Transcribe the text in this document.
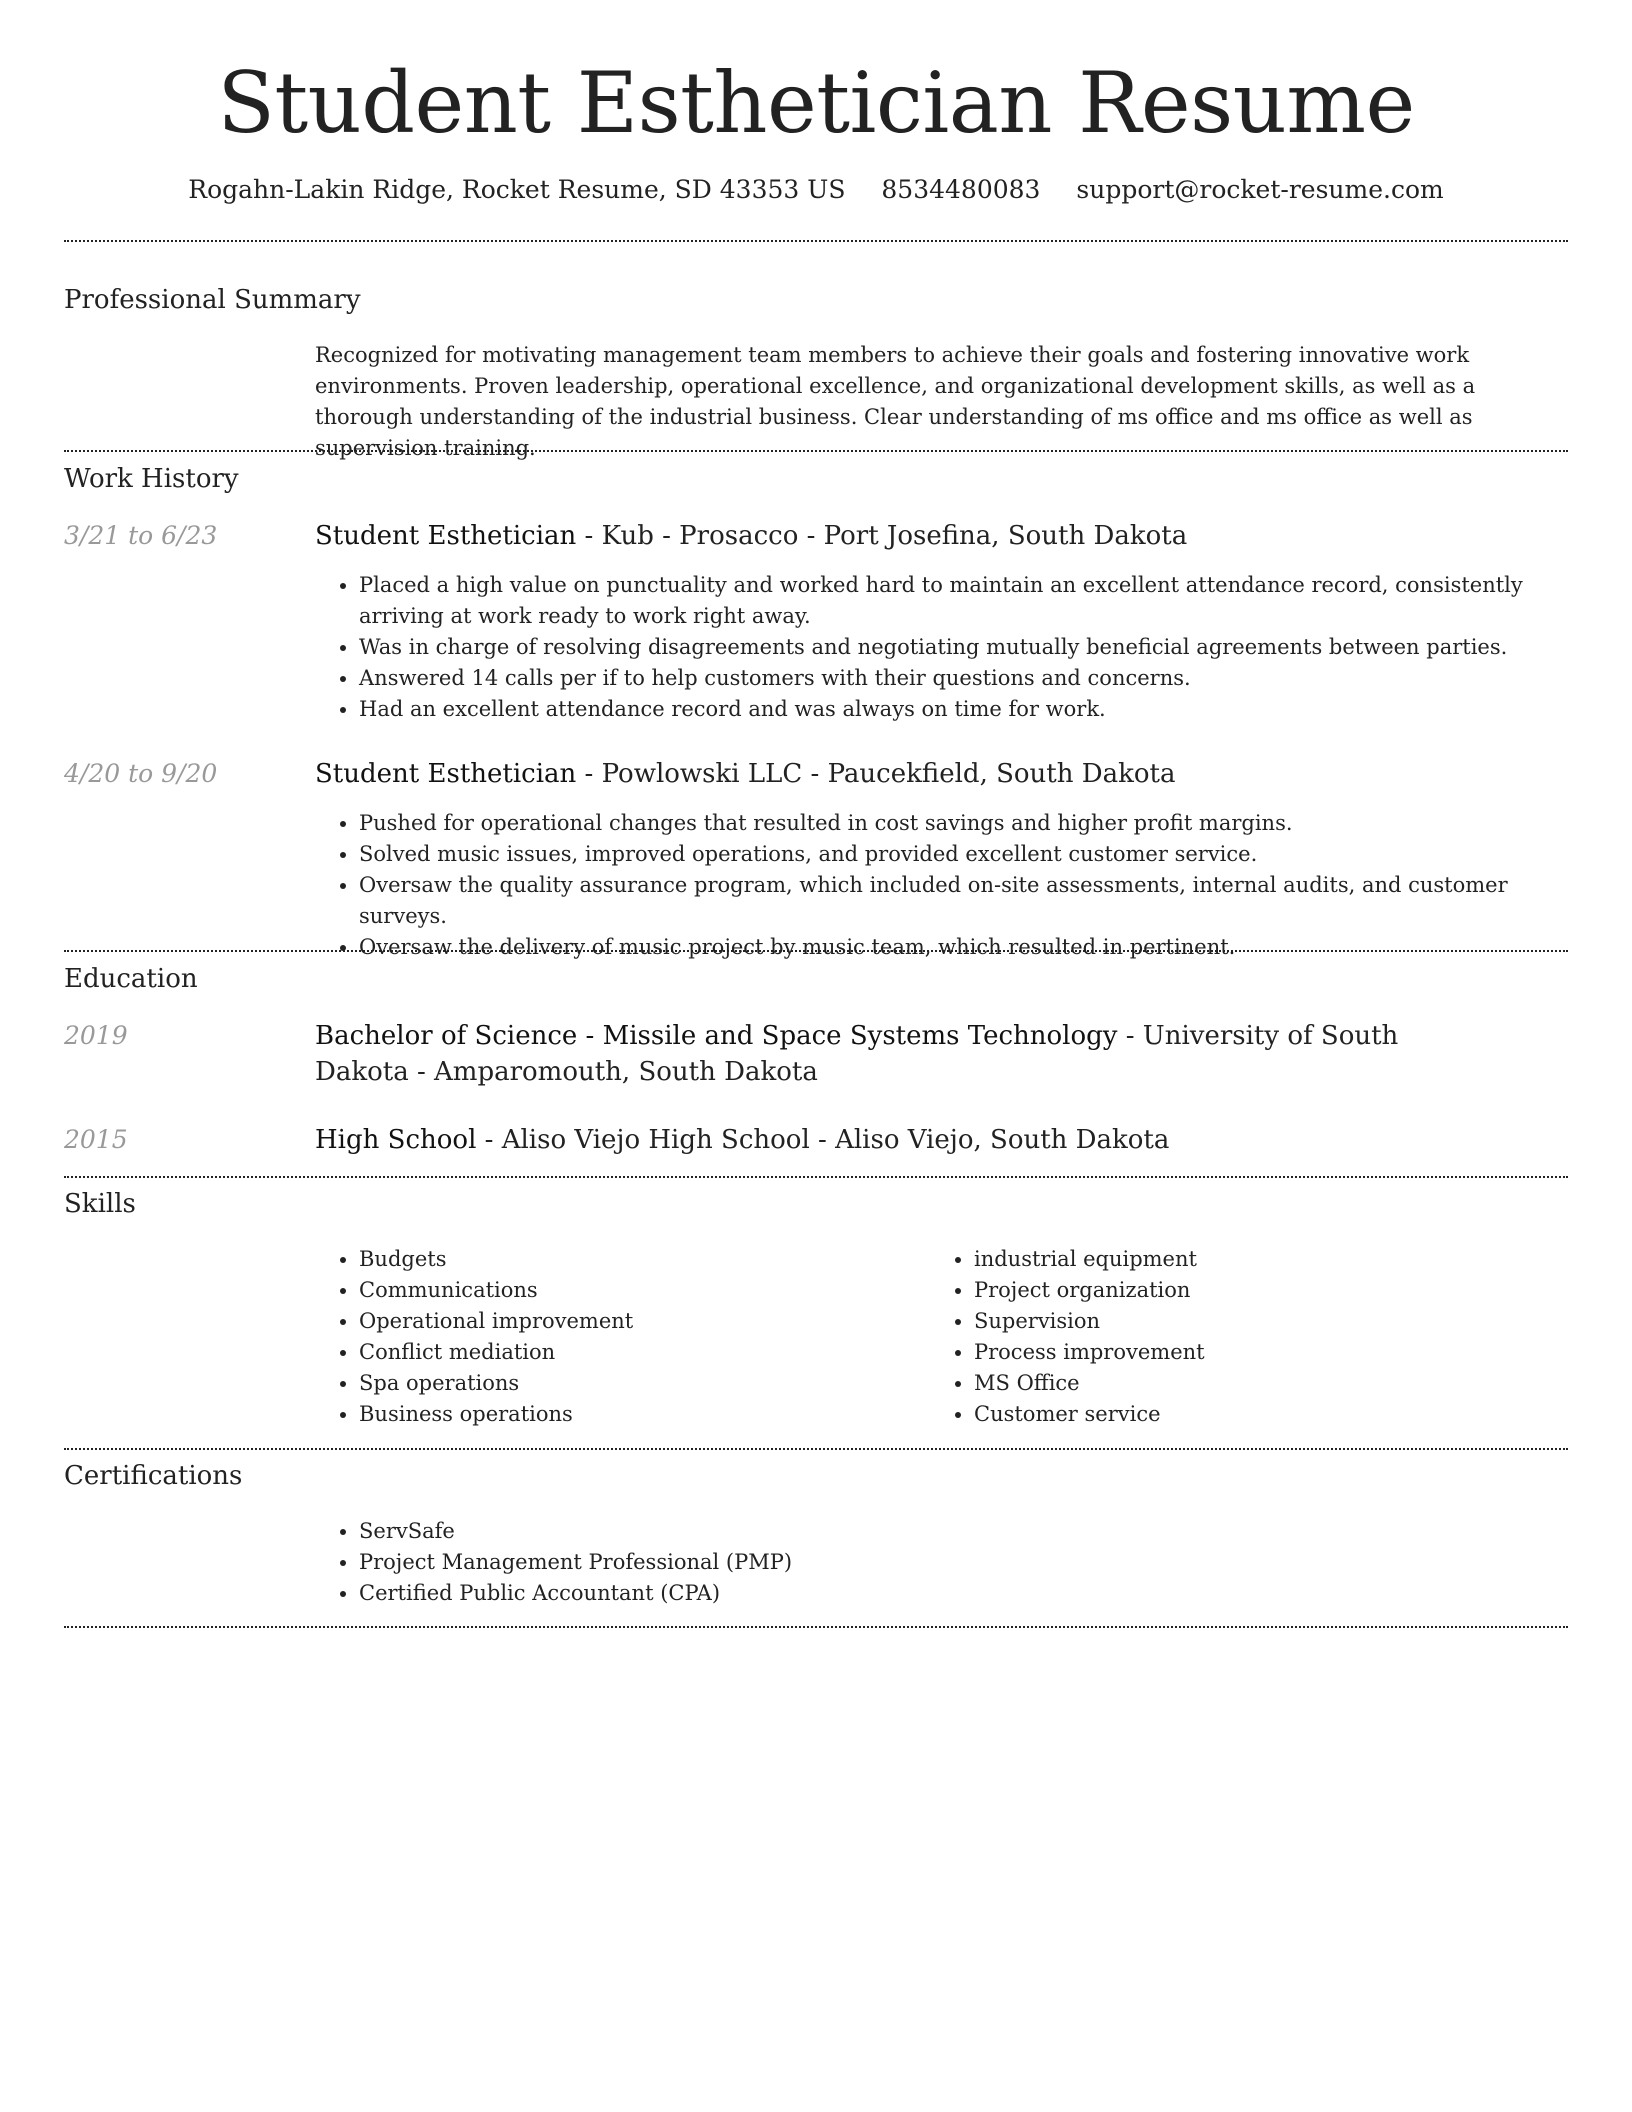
Student Esthetician Resume
Rogahn-Lakin Ridge, Rocket Resume, SD 43353 US 8534480083 support@rocket-resume.com
Professional Summary

Recognized for motivating management team members to achieve their goals and fostering innovative work environments. Proven leadership, operational excellence, and organizational development skills, as well as a thorough understanding of the industrial business. Clear understanding of ms office and ms office as well as supervision training.

Work History
3/21 to 6/23	Student Esthetician - Kub - Prosacco - Port Josefina, South Dakota
• Placed a high value on punctuality and worked hard to maintain an excellent attendance record, consistently arriving at work ready to work right away.
• Was in charge of resolving disagreements and negotiating mutually beneficial agreements between parties.
• Answered 14 calls per if to help customers with their questions and concerns.
• Had an excellent attendance record and was always on time for work.
4/20 to 9/20	Student Esthetician - Powlowski LLC - Paucekfield, South Dakota
• Pushed for operational changes that resulted in cost savings and higher profit margins.
• Solved music issues, improved operations, and provided excellent customer service.
• Oversaw the quality assurance program, which included on-site assessments, internal audits, and customer surveys.
• Oversaw the delivery of music project by music team, which resulted in pertinent.
Education
2019	Bachelor of Science - Missile and Space Systems Technology - University of South Dakota - Amparomouth, South Dakota
2015	High School - Aliso Viejo High School - Aliso Viejo, South Dakota
Skills
• Budgets
• Communications
• Operational improvement
• Conflict mediation
• Spa operations
• Business operations
• industrial equipment
• Project organization
• Supervision
• Process improvement
• MS Office
• Customer service
Certifications
• ServSafe
• Project Management Professional (PMP)
• Certified Public Accountant (CPA)
